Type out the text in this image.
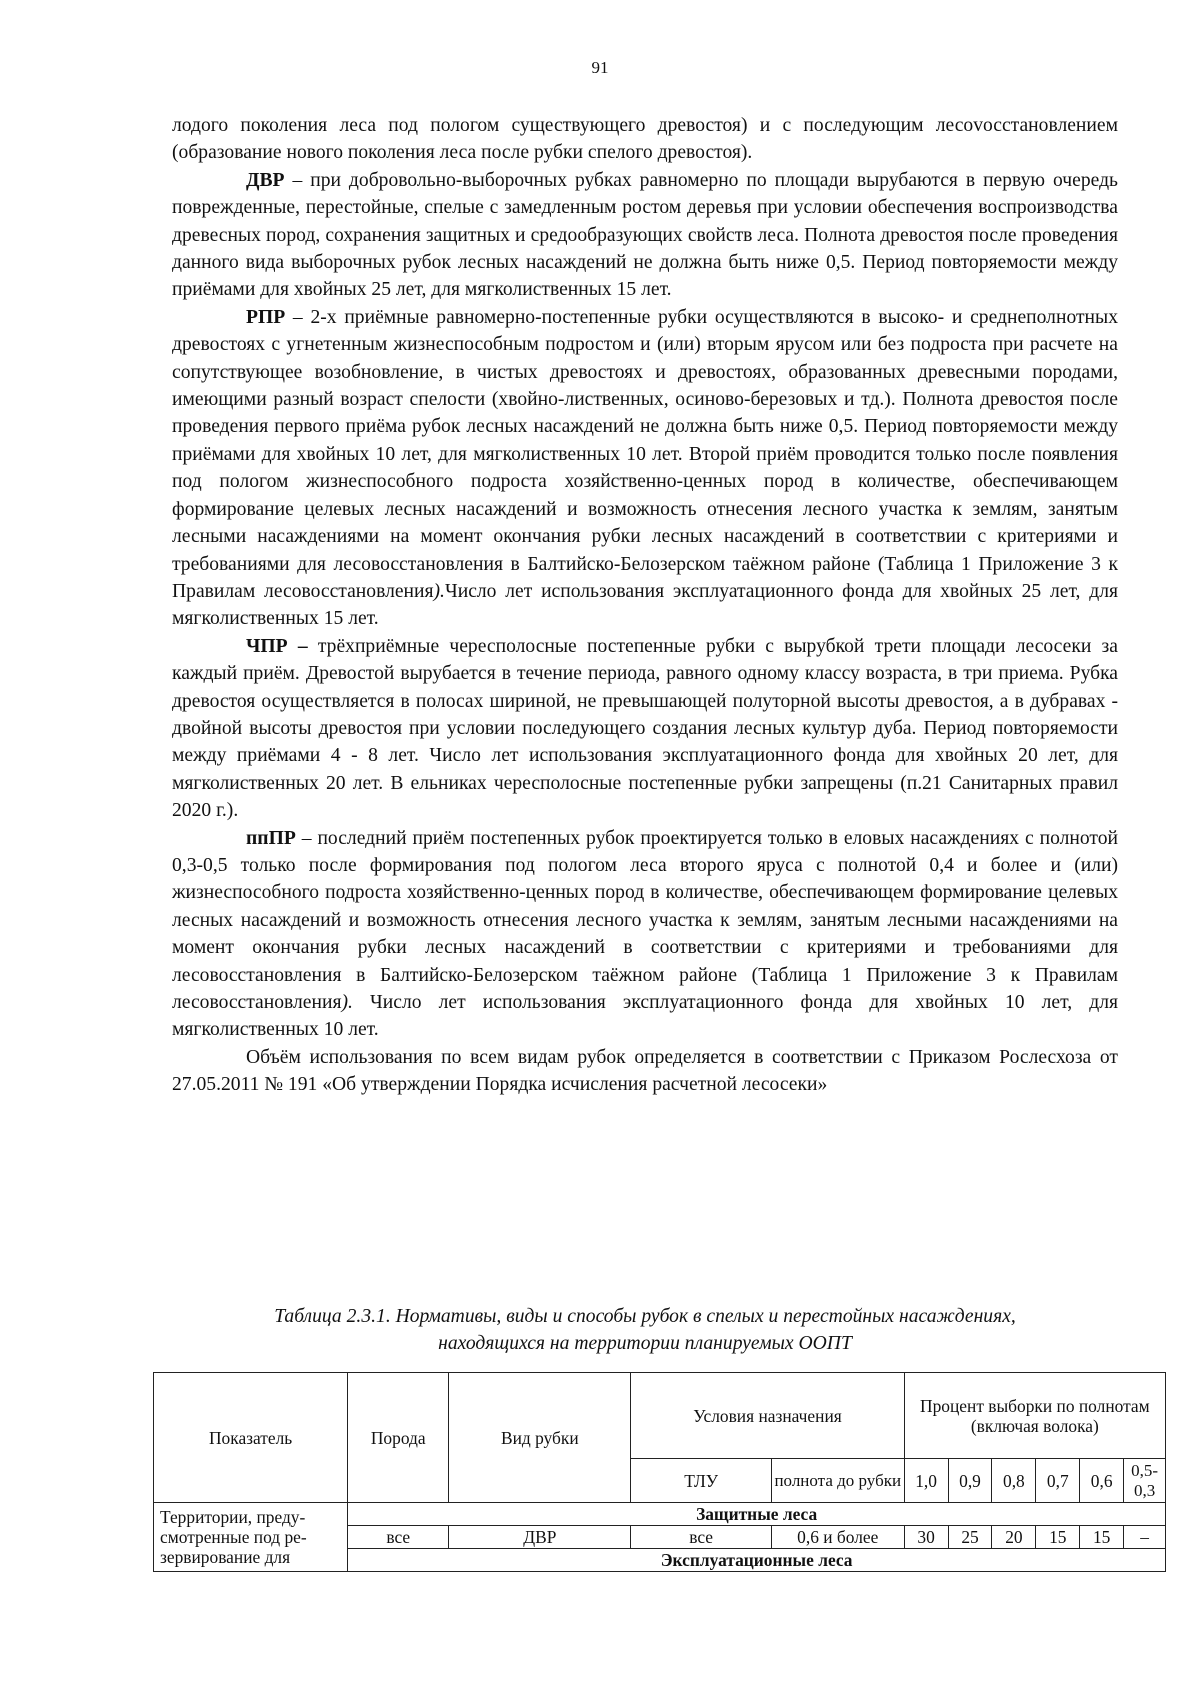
91

лодого поколения леса под пологом существующего древостоя) и с последующим лесоvосстановлением (образование нового поколения леса после рубки спелого древостоя).

ДВР – при добровольно-выборочных рубках равномерно по площади вырубаются в первую очередь поврежденные, перестойные, спелые с замедленным ростом деревья при условии обеспечения воспроизводства древесных пород, сохранения защитных и средообразующих свойств леса. Полнота древостоя после проведения данного вида выборочных рубок лесных насаждений не должна быть ниже 0,5. Период повторяемости между приёмами для хвойных 25 лет, для мягколиственных 15 лет.

РПР – 2-х приёмные равномерно-постепенные рубки осуществляются в высоко- и среднеполнотных древостоях с угнетенным жизнеспособным подростом и (или) вторым ярусом или без подроста при расчете на сопутствующее возобновление, в чистых древостоях и древостоях, образованных древесными породами, имеющими разный возраст спелости (хвойно-лиственных, осиново-березовых и тд.). Полнота древостоя после проведения первого приёма рубок лесных насаждений не должна быть ниже 0,5. Период повторяемости между приёмами для хвойных 10 лет, для мягколиственных 10 лет. Второй приём проводится только после появления под пологом жизнеспособного подроста хозяйственно-ценных пород в количестве, обеспечивающем формирование целевых лесных насаждений и возможность отнесения лесного участка к землям, занятым лесными насаждениями на момент окончания рубки лесных насаждений в соответствии с критериями и требованиями для лесовосстановления в Балтийско-Белозерском таёжном районе (Таблица 1 Приложение 3 к Правилам лесовосстановления).Число лет использования эксплуатационного фонда для хвойных 25 лет, для мягколиственных 15 лет.

ЧПР – трёхприёмные чересполосные постепенные рубки с вырубкой трети площади лесосеки за каждый приём. Древостой вырубается в течение периода, равного одному классу возраста, в три приема. Рубка древостоя осуществляется в полосах шириной, не превышающей полуторной высоты древостоя, а в дубравах - двойной высоты древостоя при условии последующего создания лесных культур дуба. Период повторяемости между приёмами 4 - 8 лет. Число лет использования эксплуатационного фонда для хвойных 20 лет, для мягколиственных 20 лет. В ельниках чересполосные постепенные рубки запрещены (п.21 Санитарных правил 2020 г.).

ппПР – последний приём постепенных рубок проектируется только в еловых насаждениях с полнотой 0,3-0,5 только после формирования под пологом леса второго яруса с полнотой 0,4 и более и (или) жизнеспособного подроста хозяйственно-ценных пород в количестве, обеспечивающем формирование целевых лесных насаждений и возможность отнесения лесного участка к землям, занятым лесными насаждениями на момент окончания рубки лесных насаждений в соответствии с критериями и требованиями для лесовосстановления в Балтийско-Белозерском таёжном районе (Таблица 1 Приложение 3 к Правилам лесовосстановления). Число лет использования эксплуатационного фонда для хвойных 10 лет, для мягколиственных 10 лет.

Объём использования по всем видам рубок определяется в соответствии с Приказом Рослесхоза от 27.05.2011 № 191 «Об утверждении Порядка исчисления расчетной лесосеки»

Таблица 2.3.1. Нормативы, виды и способы рубок в спелых и перестойных насаждениях,
находящихся на территории планируемых ООПТ
Показатель	Порода	Вид рубки	Условия назначения		Процент выборки по полнотам (включая волока)					
			ТЛУ	полнота до рубки	1,0	0,9	0,8	0,7	0,6	0,5-0,3
Территории, предусмотренные под резервирование для	Защитные леса									
	все	ДВР	все	0,6 и более	30	25	20	15	15	–
	Эксплуатационные леса									
